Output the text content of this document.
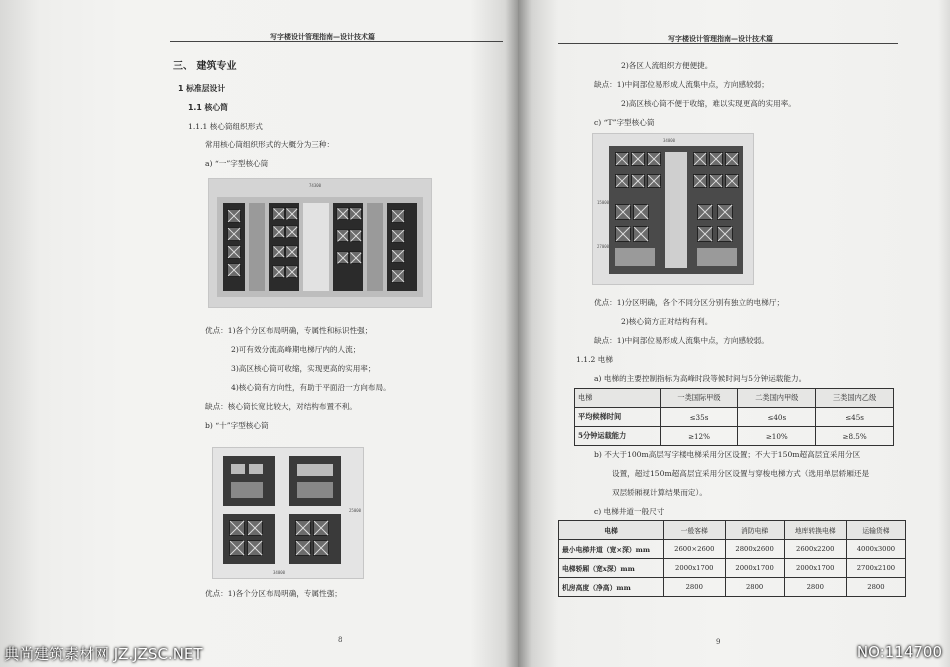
写字楼设计管理指南—设计技术篇
三、 建筑专业
1 标准层设计
1.1 核心筒
1.1.1 核心筒组织形式
常用核心筒组织形式的大概分为三种：
a) “一”字型核心筒
74300
优点：1)各个分区布局明确，专属性和标识性强；
2)可有效分流高峰期电梯厅内的人流；
3)高区核心筒可收缩，实现更高的实用率；
4)核心筒有方向性，有助于平面沿一方向布局。
缺点：核心筒长宽比较大，对结构布置不利。
b) “十”字型核心筒
34000
25000
优点：1)各个分区布局明确，专属性强；
8
写字楼设计管理指南—设计技术篇
2)各区人流组织方便便捷。
缺点：1)中间部位易形成人流集中点，方向感较弱；
2)高区核心筒不便于收缩，难以实现更高的实用率。
c) “T”字型核心筒
34000
15000
27000
优点：1)分区明确，各个不同分区分别有独立的电梯厅；
2)核心筒方正对结构有利。
缺点：1)中间部位易形成人流集中点，方向感较弱。
1.1.2 电梯
a) 电梯的主要控制指标为高峰时段等候时间与5分钟运载能力。
电梯	一类国际甲级	二类国内甲级	三类国内乙级
平均候梯时间	≤35s	≤40s	≤45s
5分钟运载能力	≥12%	≥10%	≥8.5%
b) 不大于100m高层写字楼电梯采用分区设置；不大于150m超高层宜采用分区
设置，超过150m超高层宜采用分区设置与穿梭电梯方式（选用单层轿厢还是
双层轿厢视计算结果而定）。
c) 电梯井道一般尺寸
电梯	一般客梯	消防电梯	地库转换电梯	运输货梯
最小电梯井道（宽×深）mm	2600×2600	2800x2600	2600x2200	4000x3000
电梯轿厢（宽x深）mm	2000x1700	2000x1700	2000x1700	2700x2100
机房高度（净高）mm	2800	2800	2800	2800
9
典尚建筑素材网 JZ.JZSC.NET	NO:114700
